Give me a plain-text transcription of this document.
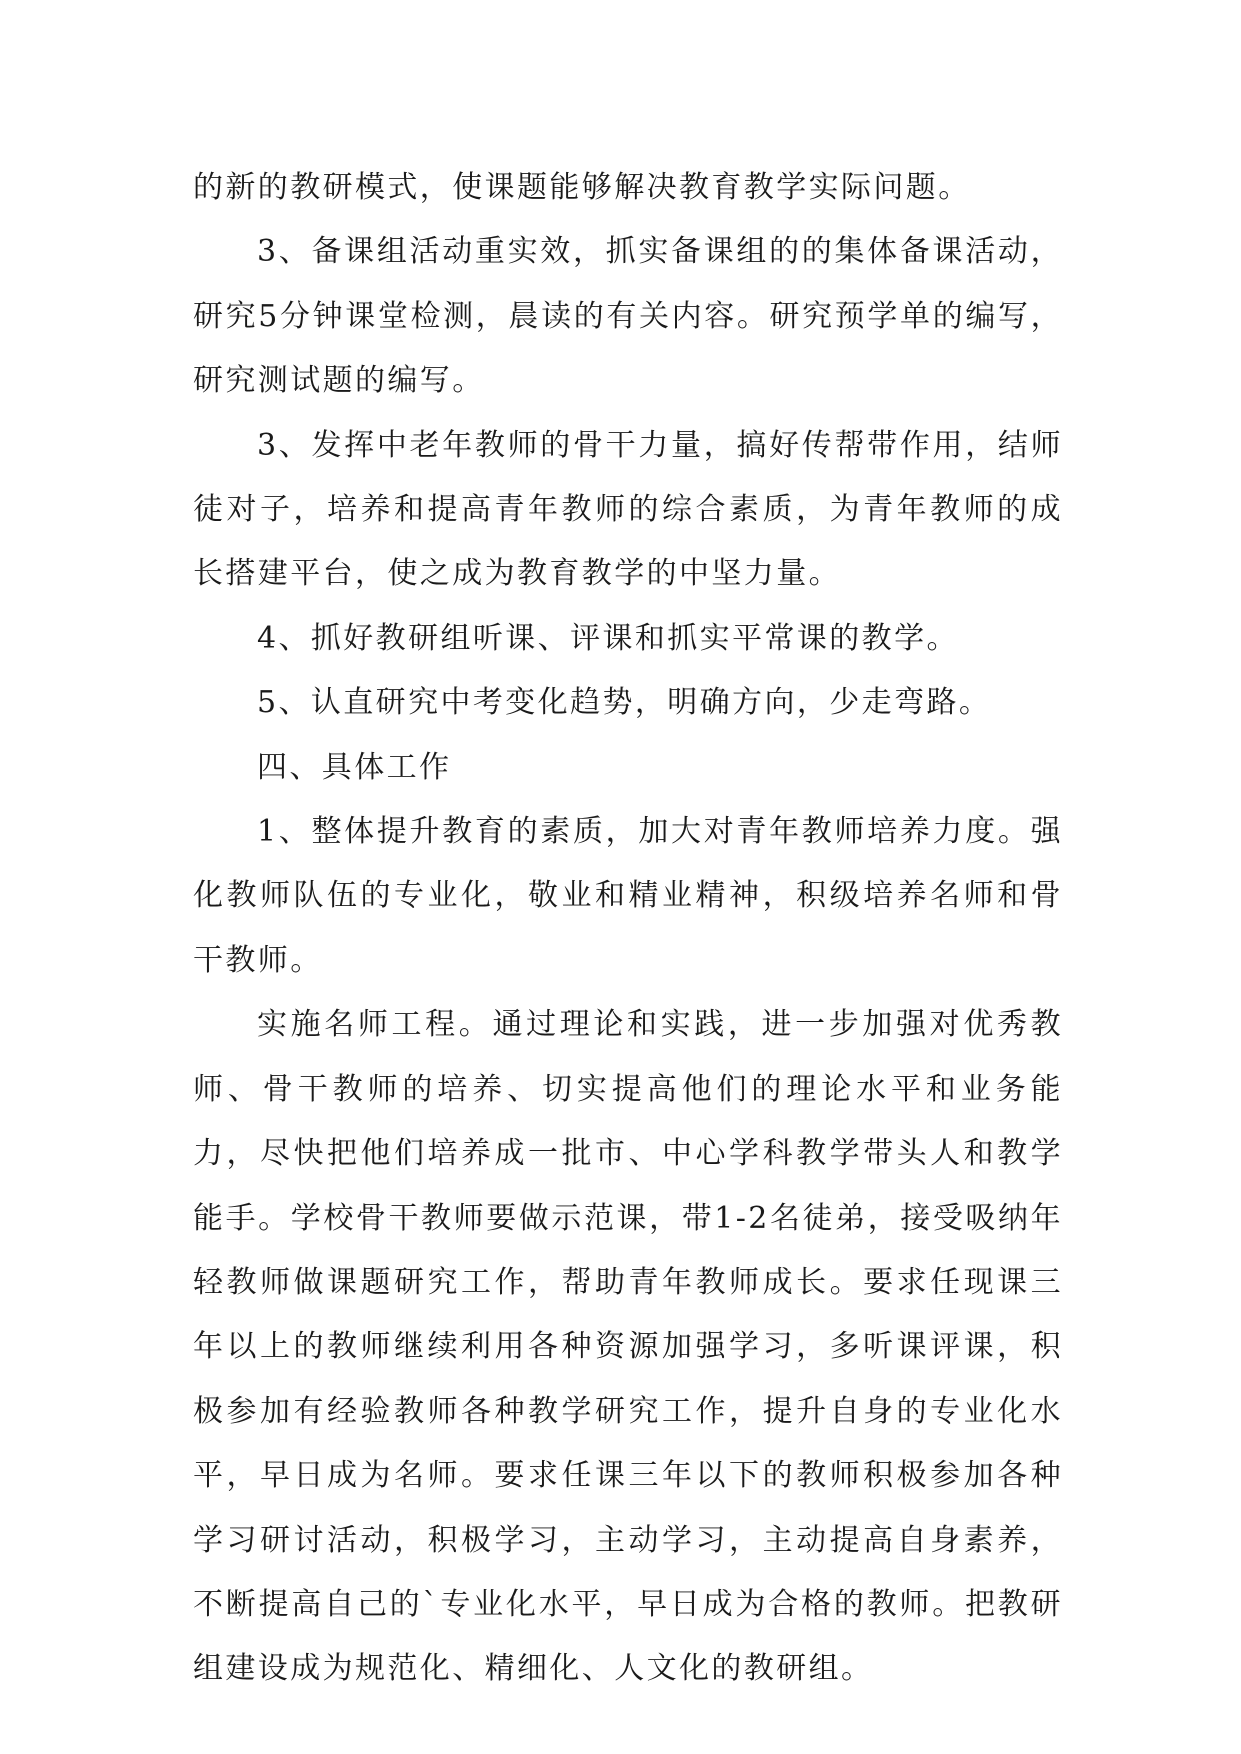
的新的教研模式，使课题能够解决教育教学实际问题。

3、备课组活动重实效，抓实备课组的的集体备课活动，研究5分钟课堂检测，晨读的有关内容。研究预学单的编写，研究测试题的编写。

3、发挥中老年教师的骨干力量，搞好传帮带作用，结师徒对子，培养和提高青年教师的综合素质，为青年教师的成长搭建平台，使之成为教育教学的中坚力量。

4、抓好教研组听课、评课和抓实平常课的教学。

5、认直研究中考变化趋势，明确方向，少走弯路。

四、具体工作

1、整体提升教育的素质，加大对青年教师培养力度。强化教师队伍的专业化，敬业和精业精神，积级培养名师和骨干教师。

实施名师工程。通过理论和实践，进一步加强对优秀教师、骨干教师的培养、切实提高他们的理论水平和业务能力，尽快把他们培养成一批市、中心学科教学带头人和教学能手。学校骨干教师要做示范课，带1-2名徒弟，接受吸纳年轻教师做课题研究工作，帮助青年教师成长。要求任现课三年以上的教师继续利用各种资源加强学习，多听课评课，积极参加有经验教师各种教学研究工作，提升自身的专业化水平，早日成为名师。要求任课三年以下的教师积极参加各种学习研讨活动，积极学习，主动学习，主动提高自身素养，不断提高自己的`专业化水平，早日成为合格的教师。把教研组建设成为规范化、精细化、人文化的教研组。
